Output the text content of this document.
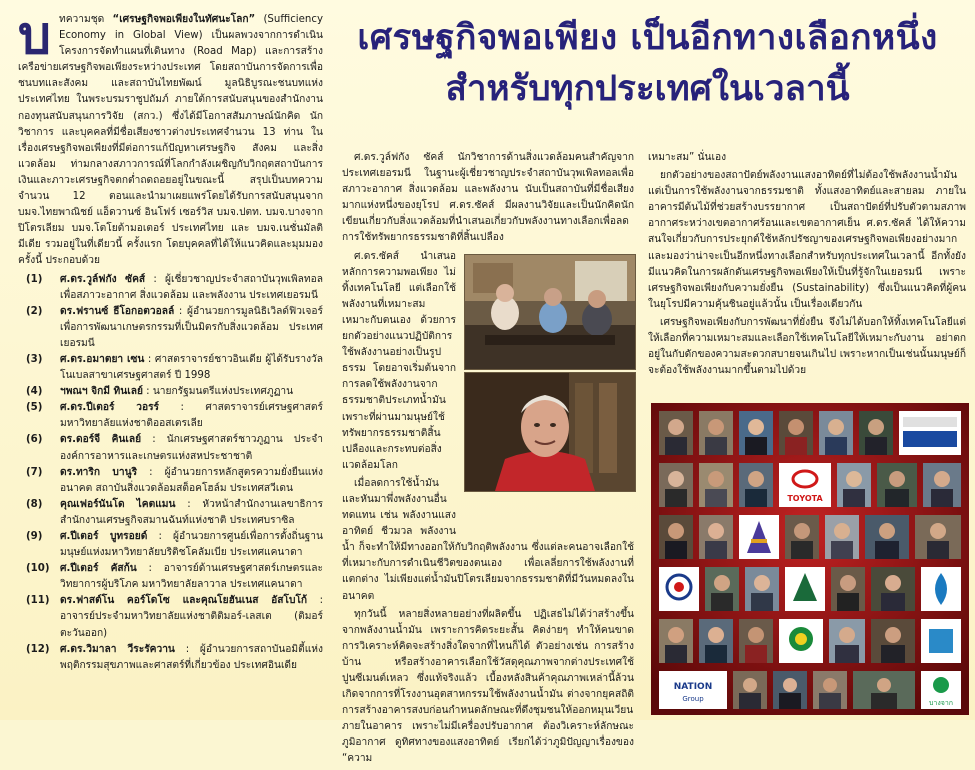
บทความชุด “เศรษฐกิจพอเพียงในทัศนะโลก” (Sufficiency Economy in Global View) เป็นผลพวงจากการดำเนินโครงการจัดทำแผนที่เดินทาง (Road Map) และการสร้างเครือข่ายเศรษฐกิจพอเพียงระหว่างประเทศ โดยสถาบันการจัดการเพื่อชนบทและสังคม และสถาบันไทยพัฒน์ มูลนิธิบูรณะชนบทแห่งประเทศไทย ในพระบรมราชูปถัมภ์ ภายใต้การสนับสนุนของสำนักงานกองทุนสนับสนุนการวิจัย (สกว.) ซึ่งได้มีโอกาสสัมภาษณ์นักคิด นักวิชาการ และบุคคลที่มีชื่อเสียงชาวต่างประเทศจำนวน 13 ท่าน ในเรื่องเศรษฐกิจพอเพียงที่มีต่อการแก้ปัญหาเศรษฐกิจ สังคม และสิ่งแวดล้อม ท่ามกลางสภาวการณ์ที่โลกกำลังเผชิญกับวิกฤตสถาบันการเงินและภาวะเศรษฐกิจตกต่ำถดถอยอยู่ในขณะนี้ สรุปเป็นบทความจำนวน 12 ตอนและนำมาเผยแพร่โดยได้รับการสนับสนุนจาก บมจ.ไทยพาณิชย์ แอ็ดวานซ์ อินโฟร์ เซอร์วิส บมจ.ปตท. บมจ.บางจากปิโตรเลียม บมจ.โตโยต้ามอเตอร์ ประเทศไทย และ บมจ.เนชั่นมัลติมีเดีย รวมอยู่ในที่เดียวนี้ ครั้งแรก โดยบุคคลที่ได้ให้แนวคิดและมุมมองครั้งนี้ ประกอบด้วย

(1) ศ.ดร.วูล์ฟกัง ซัคส์ : ผู้เชี่ยวชาญประจำสถาบันวุพเพิลทอลเพื่อสภาวะอากาศ สิ่งแวดล้อม และพลังงาน ประเทศเยอรมนี
(2) ดร.ฟรานซ์ ธีโอกอตวอลล์ : ผู้อำนวยการมูลนิธิเวิลด์ฟิวเจอร์เพื่อการพัฒนาเกษตรกรรมที่เป็นมิตรกับสิ่งแวดล้อม ประเทศเยอรมนี
(3) ศ.ดร.อมาตยา เซน : ศาสตราจารย์ชาวอินเดีย ผู้ได้รับรางวัลโนเบลสาขาเศรษฐศาสตร์ ปี 1998
(4) ฯพณฯ จิกมี ทินเลย์ : นายกรัฐมนตรีแห่งประเทศภูฏาน
(5) ศ.ดร.ปีเตอร์ วอรร์ : ศาสตราจารย์เศรษฐศาสตร์ มหาวิทยาลัยแห่งชาติออสเตรเลีย
(6) ดร.ดอร์จี คินเลย์ : นักเศรษฐศาสตร์ชาวภูฏาน ประจำองค์การอาหารและเกษตรแห่งสหประชาชาติ
(7) ดร.ทาริก บานูริ : ผู้อำนวยการหลักสูตรความยั่งยืนแห่งอนาคต สถาบันสิ่งแวดล้อมสต็อคโฮล์ม ประเทศสวีเดน
(8) คุณเฟอร์นันโด ไคตแมน : หัวหน้าสำนักงานเลขาธิการสำนักงานเศรษฐกิจสมานฉันท์แห่งชาติ ประเทศบราซิล
(9) ศ.ปีเตอร์ บูทรอยด์ : ผู้อำนวยการศูนย์เพื่อการตั้งถิ่นฐานมนุษย์แห่งมหาวิทยาลัยบริติชโคลัมเบีย ประเทศแคนาดา
(10) ศ.ปีเตอร์ คัสก้น : อาจารย์ด้านเศรษฐศาสตร์เกษตรและวิทยาการผู้บริโภค มหาวิทยาลัยลาวาล ประเทศแคนาดา
(11) ดร.ฟาสต์โน คอร์โดโซ และคุณโยฮันเนส อัสโบโก้ : อาจารย์ประจำมหาวิทยาลัยแห่งชาติติมอร์-เลสเต (ติมอร์ตะวันออก)
(12) ศ.ดร.วิมาลา วีระรัควาน : ผู้อำนวยการสถาบันอมิตี้แห่งพฤติกรรมสุขภาพและศาสตร์ที่เกี่ยวข้อง ประเทศอินเดีย
เศรษฐกิจพอเพียง เป็นอีกทางเลือกหนึ่ง
สำหรับทุกประเทศในเวลานี้

ศ.ดร.วูล์ฟกัง ซัคส์ นักวิชาการด้านสิ่งแวดล้อมคนสำคัญจากประเทศเยอรมนี ในฐานะผู้เชี่ยวชาญประจำสถาบันวุพเพิลทอลเพื่อสภาวะอากาศ สิ่งแวดล้อม และพลังงาน นับเป็นสถาบันที่มีชื่อเสียงมากแห่งหนึ่งของยุโรป ศ.ดร.ซัคส์ มีผลงานวิจัยและเป็นนักคิดนักเขียนเกี่ยวกับสิ่งแวดล้อมที่นำเสนอเกี่ยวกับพลังงานทางเลือกเพื่อลดการใช้ทรัพยากรธรรมชาติที่สิ้นเปลือง

ศ.ดร.ซัคส์ นำเสนอหลักการความพอเพียง ไม่ทิ้งเทคโนโลยี แต่เลือกใช้พลังงานที่เหมาะสม เหมาะกับตนเอง ด้วยการยกตัวอย่างแนวปฏิบัติการใช้พลังงานอย่างเป็นรูปธรรม โดยอาจเริ่มต้นจากการลดใช้พลังงานจากธรรมชาติประเภทน้ำมัน เพราะที่ผ่านมามนุษย์ใช้ทรัพยากรธรรมชาติสิ้นเปลืองและกระทบต่อสิ่งแวดล้อมโลก

เมื่อลดการใช้น้ำมันและหันมาพึ่งพลังงานอื่นทดแทน เช่น พลังงานแสงอาทิตย์ ชีวมวล พลังงานน้ำ ก็จะทำให้มีทางออกให้กับวิกฤติพลังงาน ซึ่งแต่ละคนอาจเลือกใช้ที่เหมาะกับการดำเนินชีวิตของตนเอง เพื่อเลลี่ยการใช้พลังงานที่แตกต่าง ไม่เพียงแต่น้ำมันปิโตรเลียมจากธรรมชาติที่มีวันหมดลงในอนาคต

ทุกวันนี้ หลายสิ่งหลายอย่างที่ผลิตขึ้น ปฏิเสธไม่ได้ว่าสร้างขึ้นจากพลังงานน้ำมัน เพราะการคิดระยะสั้น คิดง่ายๆ ทำให้คนขาดการวิเคราะห์คิดจะสร้างสิ่งใดจากที่ไหนก็ได้ ตัวอย่างเช่น การสร้างบ้าน หรือสร้างอาคารเลือกใช้วัสดุคุณภาพจากต่างประเทศใช้ปูนซีเมนต์เหลว ซึ่งแท้จริงแล้ว เบื้องหลังสินค้าคุณภาพเหล่านี้ล้วนเกิดจากการที่โรงงานอุตสาหกรรมใช้พลังงานน้ำมัน ต่างจากยุคสถิติการสร้างอาคารสงบก่อนกำหนดลักษณะที่ดึงชุมชนให้ออกหมุนเวียนภายในอาคาร เพราะไม่มีเครื่องปรับอากาศ ต้องวิเคราะห์ลักษณะภูมิอากาศ ดูทิศทางของแสงอาทิตย์ เรียกได้ว่าภูมิปัญญาเรื่องของ “ความ

เหมาะสม” นั่นเอง

ยกตัวอย่างของสถาปัตย์พลังงานแสงอาทิตย์ที่ไม่ต้องใช้พลังงานน้ำมันแต่เป็นการใช้พลังงานจากธรรมชาติ ทั้งแสงอาทิตย์และสายลม ภายในอาคารมีต้นไม้ที่ช่วยสร้างบรรยากาศ เป็นสถาปัตย์ที่ปรับตัวตามสภาพอากาศระหว่างเขตอากาศร้อนและเขตอากาศเย็น ศ.ดร.ซัคส์ ได้ให้ความสนใจเกี่ยวกับการประยุกต์ใช้หลักปรัชญาของเศรษฐกิจพอเพียงอย่างมาก และมองว่าน่าจะเป็นอีกหนึ่งทางเลือกสำหรับทุกประเทศในเวลานี้ อีกทั้งยังมีแนวคิดในการผลักดันเศรษฐกิจพอเพียงให้เป็นที่รู้จักในเยอรมนี เพราะเศรษฐกิจพอเพียงกับความยั่งยืน (Sustainability) ซึ่งเป็นแนวคิดที่ผู้คนในยุโรปมีความคุ้นชินอยู่แล้วนั้น เป็นเรื่องเดียวกัน

เศรษฐกิจพอเพียงกับการพัฒนาที่ยั่งยืน จึงไม่ได้บอกให้ทิ้งเทคโนโลยีแต่ให้เลือกที่ความเหมาะสมและเลือกใช้เทคโนโลยีให้เหมาะกับงาน อย่าตกอยู่ในกับดักของความสะดวกสบายจนเกินไป เพราะหากเป็นเช่นนั้นมนุษย์ก็จะต้องใช้พลังงานมากขึ้นตามไปด้วย

TOYOTA
NATION
Group	บางจาก
